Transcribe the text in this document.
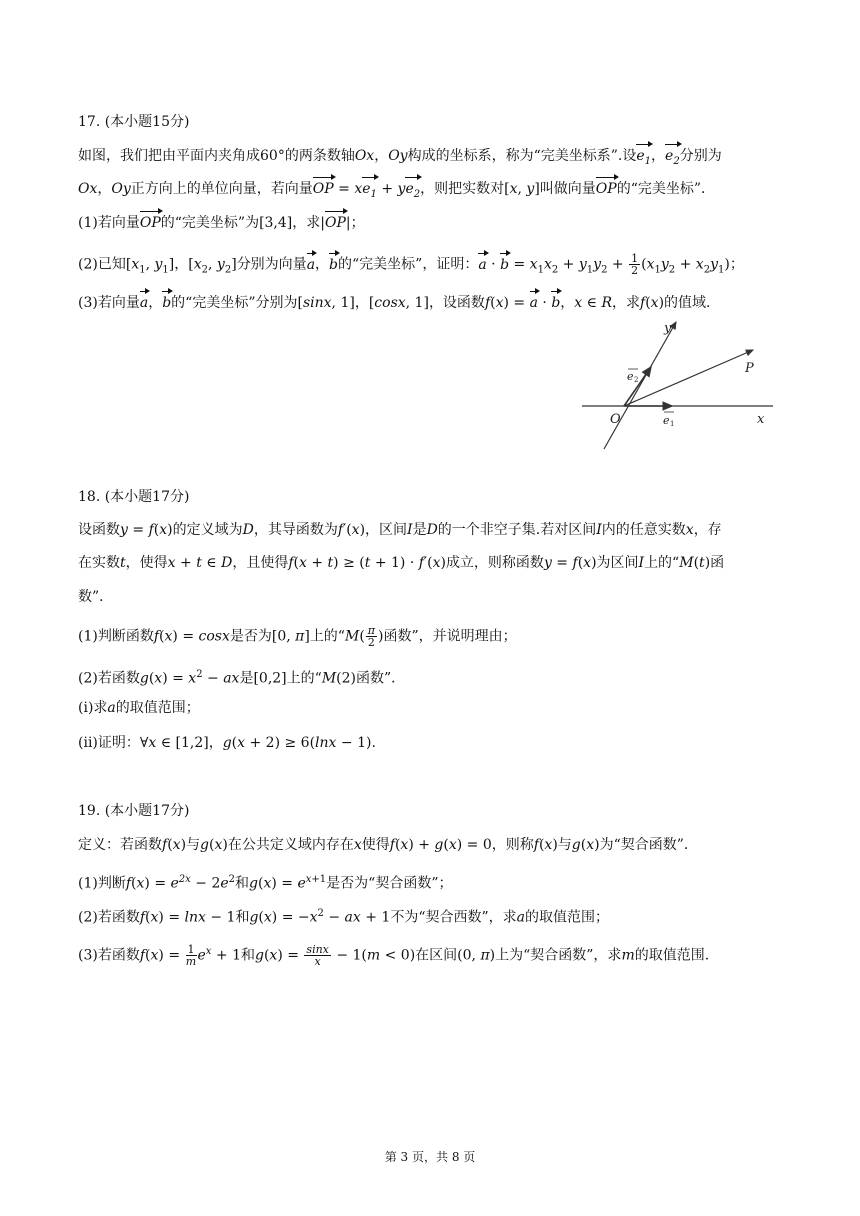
17. (本小题15分)
如图，我们把由平面内夹角成60°的两条数轴Ox，Oy构成的坐标系，称为“完美坐标系”.设$e_1$，$e_2$分别为
Ox，Oy正方向上的单位向量，若向量OP = $xe_1 + ye_2$，则把实数对[x, y]叫做向量OP的“完美坐标”．
(1)若向量OP的“完美坐标”为[3,4]，求|OP|；
(2)已知[$x_1$, $y_1$]，[$x_2$, $y_2$]分别为向量a，b的“完美坐标”，证明：$a \cdot b = x_1x_2 + y_1y_2 + \frac{1}{2} (x_1y_2 + x_2y_1)$；
(3)若向量a，b的“完美坐标”分别为[sinx, 1]，[cosx, 1]，设函数f(x) = a · b，x ∈ R，求f(x)的值域.
y
x
O
P
e 1
e 2
18. (本小题17分)
设函数y = f(x)的定义域为D，其导函数为f′(x)，区间I是D的一个非空子集.若对区间I内的任意实数x，存
在实数t，使得x + t ∈ D，且使得f(x + t) ≥ (t + 1) · f′(x)成立，则称函数y = f(x)为区间I上的“M(t)函
数”．
(1)判断函数f(x) = cosx是否为[0, π]上的“$M( \frac{\pi}{2}$ )函数”，并说明理由；
(2)若函数$g(x) = x^2$ − ax是[0,2]上的“M(2)函数”．
(ⅰ)求a的取值范围；
(ⅱ)证明：∀x ∈ [1,2]，g(x + 2) ≥ 6(lnx − 1).
19. (本小题17分)
定义：若函数f(x)与g(x)在公共定义域内存在x使得f(x) + g(x) = 0，则称f(x)与g(x)为“契合函数”．
(1)判断$f(x) = e^{2x} - 2e^2$和$g(x) = e^{x+1}$是否为“契合函数”；
(2)若函数f(x) = lnx − 1和$g(x) = -x^2$ − ax + 1不为“契合西数”，求a的取值范围；
(3)若函数$f(x) = \frac{1}{m} e^x + 1$和$g(x) = \frac{\sin x}{x} - 1(m < 0)$在区间(0, π)上为“契合函数”，求m的取值范围.
第 3 页，共 8 页
